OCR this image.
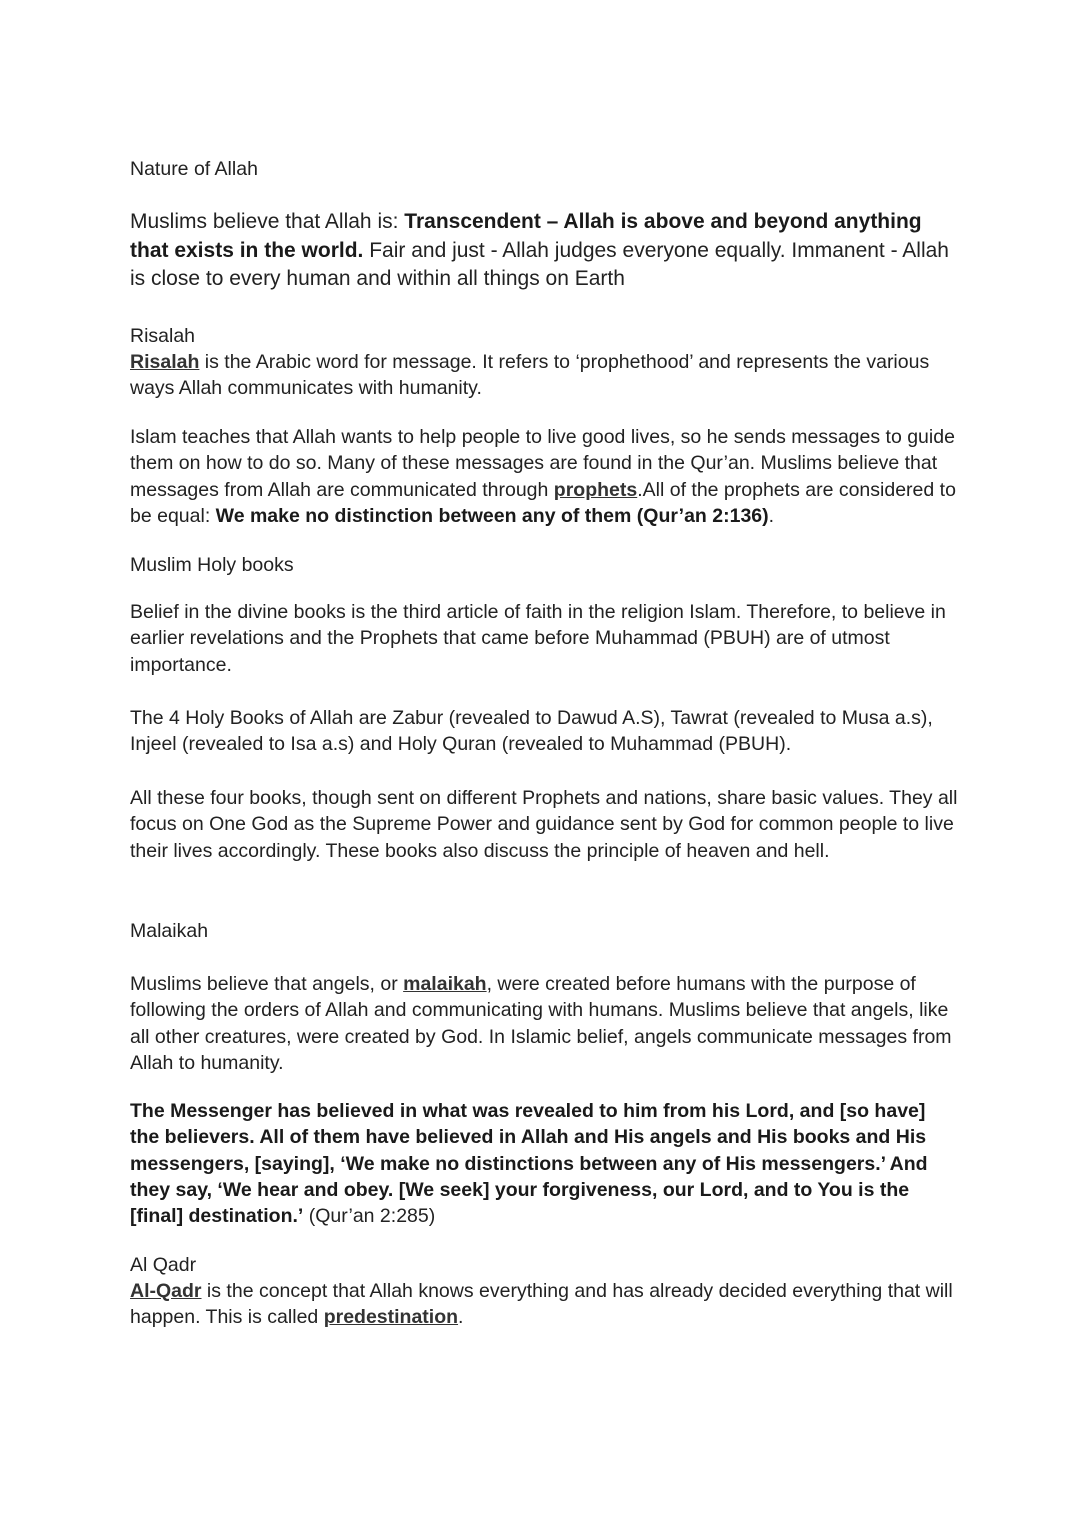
Nature of Allah

Muslims believe that Allah is: Transcendent – Allah is above and beyond anything that exists in the world. Fair and just - Allah judges everyone equally. Immanent - Allah is close to every human and within all things on Earth

Risalah

Risalah is the Arabic word for message. It refers to ‘prophethood’ and represents the various ways Allah communicates with humanity.

Islam teaches that Allah wants to help people to live good lives, so he sends messages to guide them on how to do so. Many of these messages are found in the Qur’an. Muslims believe that messages from Allah are communicated through prophets.All of the prophets are considered to be equal: We make no distinction between any of them (Qur’an 2:136).

Muslim Holy books

Belief in the divine books is the third article of faith in the religion Islam. Therefore, to believe in earlier revelations and the Prophets that came before Muhammad (PBUH) are of utmost importance.

The 4 Holy Books of Allah are Zabur (revealed to Dawud A.S), Tawrat (revealed to Musa a.s), Injeel (revealed to Isa a.s) and Holy Quran (revealed to Muhammad (PBUH).

All these four books, though sent on different Prophets and nations, share basic values. They all focus on One God as the Supreme Power and guidance sent by God for common people to live their lives accordingly. These books also discuss the principle of heaven and hell.

Malaikah

Muslims believe that angels, or malaikah, were created before humans with the purpose of following the orders of Allah and communicating with humans. Muslims believe that angels, like all other creatures, were created by God. In Islamic belief, angels communicate messages from Allah to humanity.

The Messenger has believed in what was revealed to him from his Lord, and [so have] the believers. All of them have believed in Allah and His angels and His books and His messengers, [saying], ‘We make no distinctions between any of His messengers.’ And they say, ‘We hear and obey. [We seek] your forgiveness, our Lord, and to You is the [final] destination.’ (Qur’an 2:285)

Al Qadr

Al-Qadr is the concept that Allah knows everything and has already decided everything that will happen. This is called predestination.
